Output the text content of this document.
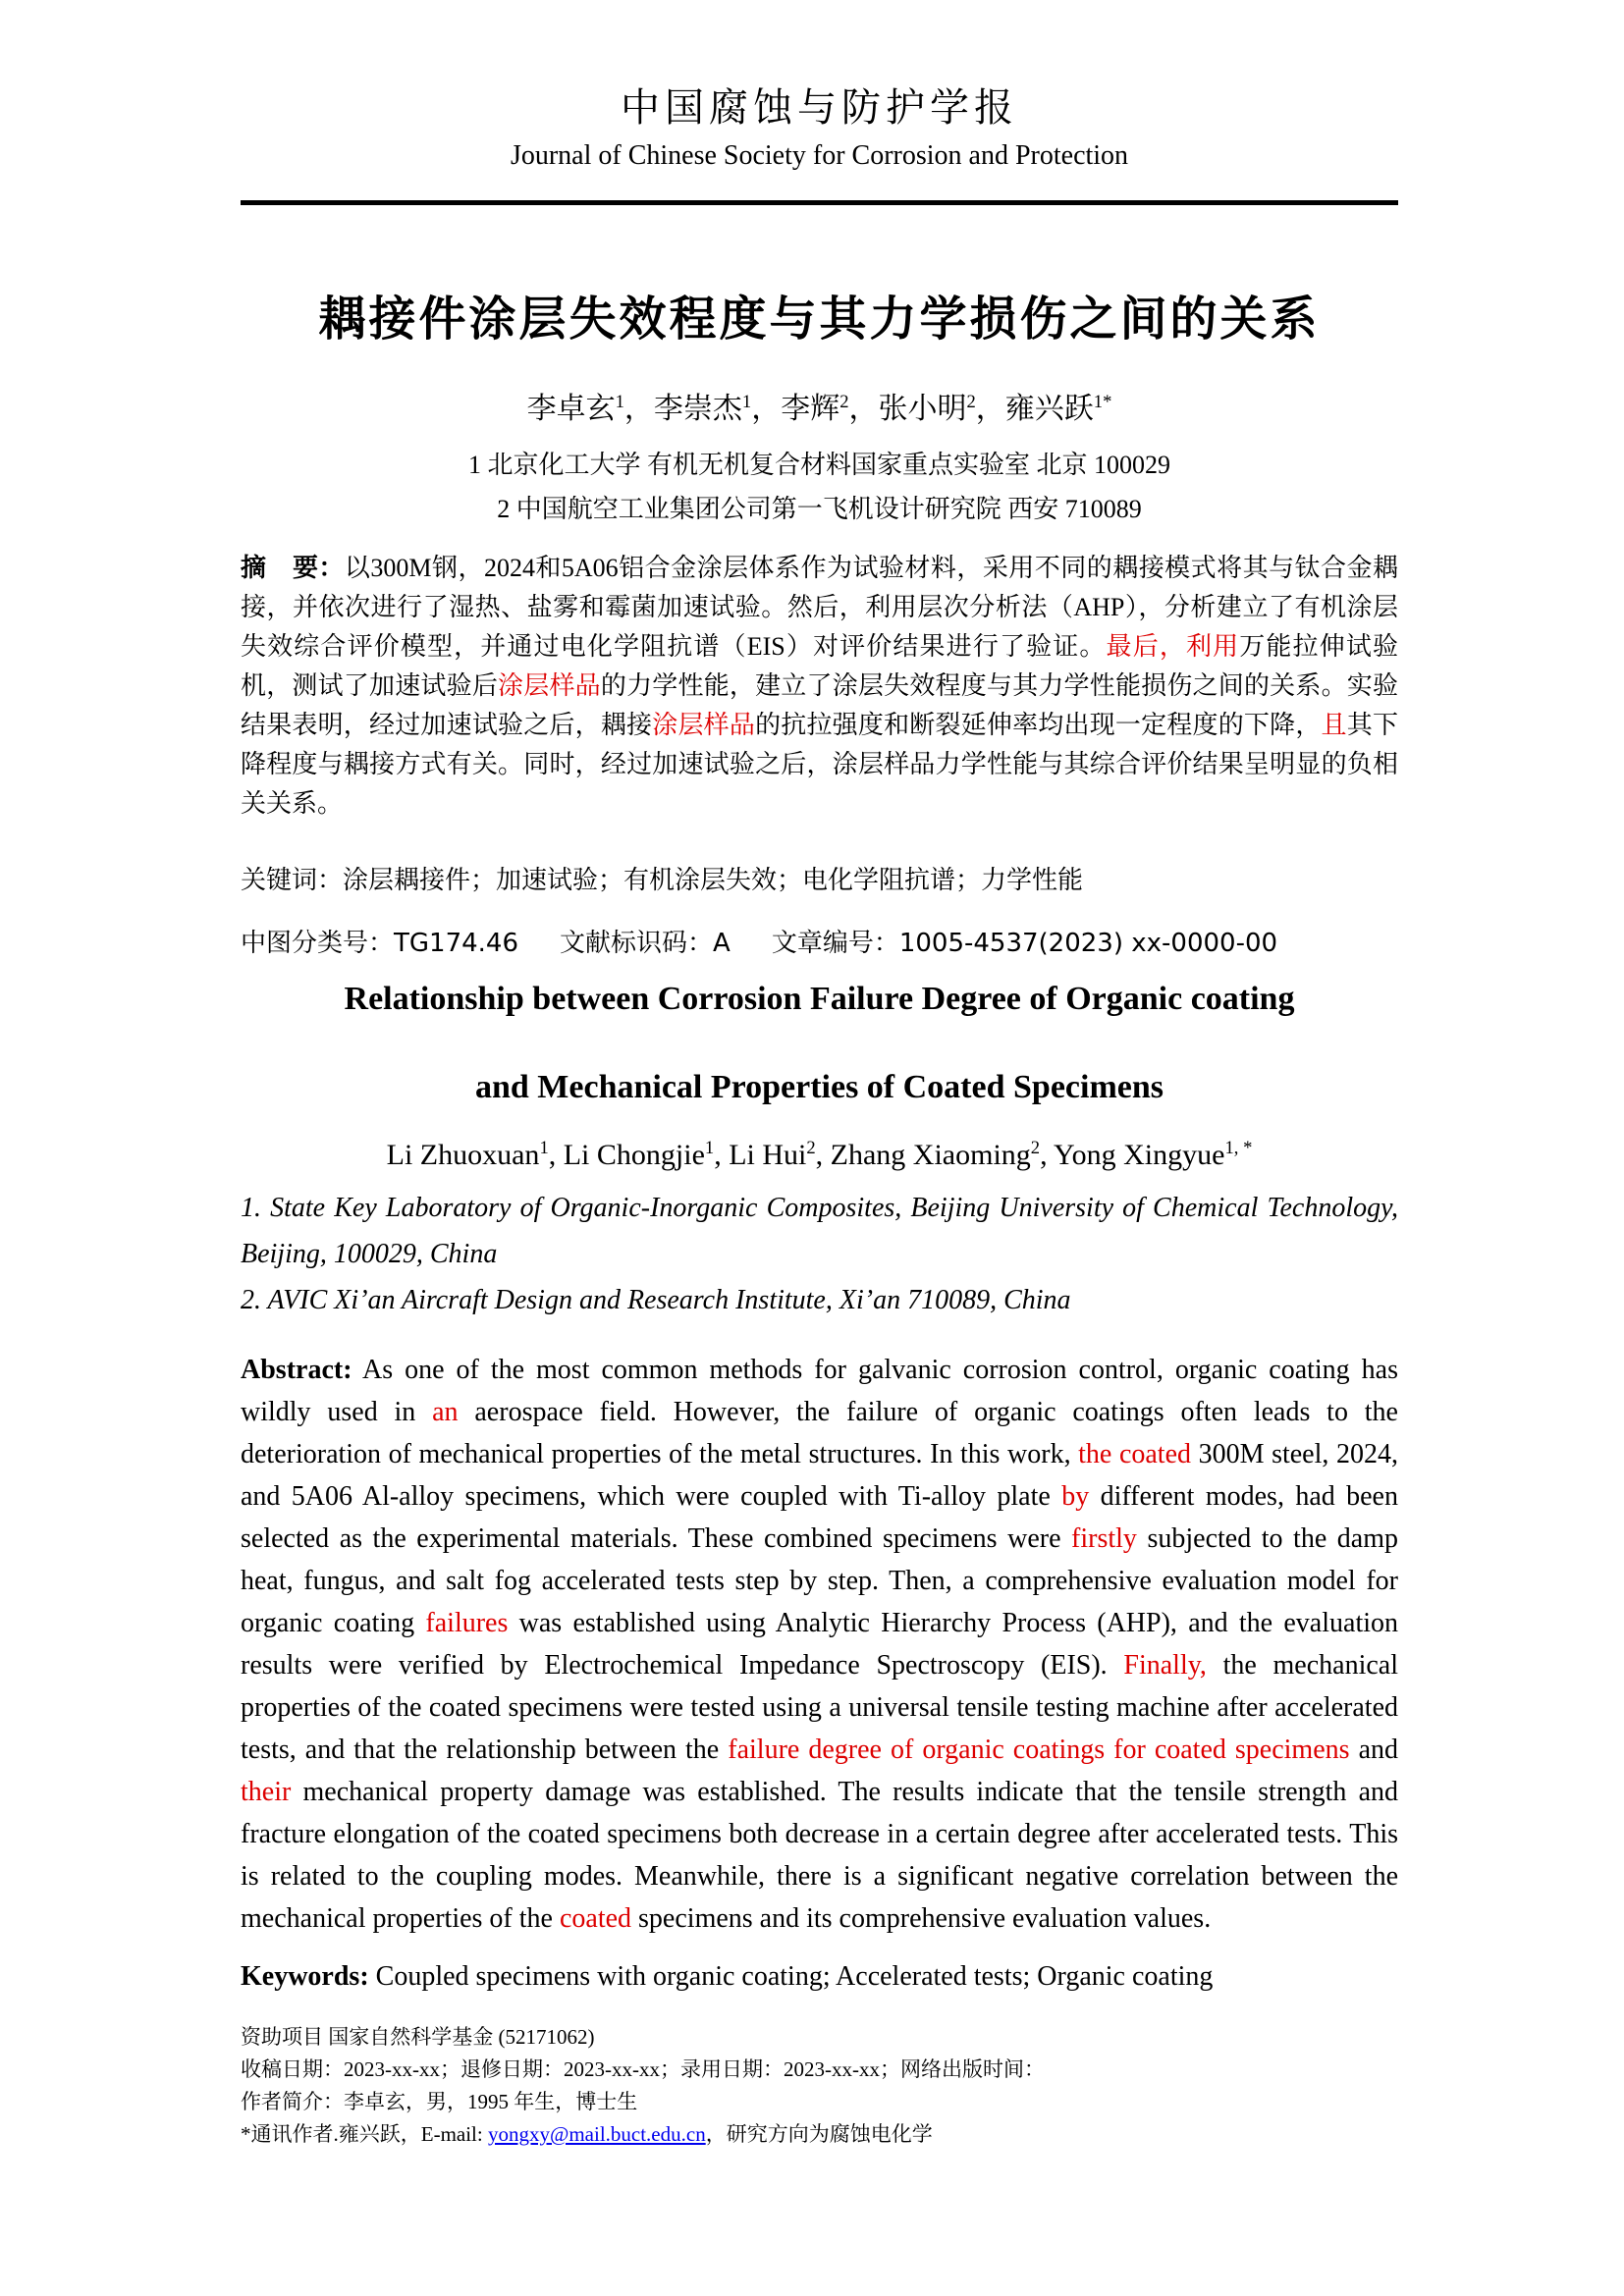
中国腐蚀与防护学报
Journal of Chinese Society for Corrosion and Protection
耦接件涂层失效程度与其力学损伤之间的关系
李卓玄$^1$，李崇杰$^1$，李辉$^2$，张小明$^2$，雍兴跃$^{1*}$
1 北京化工大学 有机无机复合材料国家重点实验室 北京 100029
2 中国航空工业集团公司第一飞机设计研究院 西安 710089

摘　要：以300M钢，2024和5A06铝合金涂层体系作为试验材料，采用不同的耦接模式将其与钛合金耦接，并依次进行了湿热、盐雾和霉菌加速试验。然后，利用层次分析法（AHP），分析建立了有机涂层失效综合评价模型，并通过电化学阻抗谱（EIS）对评价结果进行了验证。最后，利用万能拉伸试验机，测试了加速试验后涂层样品的力学性能，建立了涂层失效程度与其力学性能损伤之间的关系。实验结果表明，经过加速试验之后，耦接涂层样品的抗拉强度和断裂延伸率均出现一定程度的下降，且其下降程度与耦接方式有关。同时，经过加速试验之后，涂层样品力学性能与其综合评价结果呈明显的负相关关系。

关键词：涂层耦接件；加速试验；有机涂层失效；电化学阻抗谱；力学性能

中图分类号：TG174.46 文献标识码：A 文章编号：1005-4537(2023) xx-0000-00

Relationship between Corrosion Failure Degree of Organic coating
and Mechanical Properties of Coated Specimens
Li Zhuoxuan$^1$, Li Chongjie$^1$, Li Hui$^2$, Zhang Xiaoming$^2$, Yong Xingyue$^{1, *}$

1. State Key Laboratory of Organic-Inorganic Composites, Beijing University of Chemical Technology, Beijing, 100029, China

2. AVIC Xi’an Aircraft Design and Research Institute, Xi’an 710089, China

Abstract: As one of the most common methods for galvanic corrosion control, organic coating has wildly used in an aerospace field. However, the failure of organic coatings often leads to the deterioration of mechanical properties of the metal structures. In this work, the coated 300M steel, 2024, and 5A06 Al-alloy specimens, which were coupled with Ti-alloy plate by different modes, had been selected as the experimental materials. These combined specimens were firstly subjected to the damp heat, fungus, and salt fog accelerated tests step by step. Then, a comprehensive evaluation model for organic coating failures was established using Analytic Hierarchy Process (AHP), and the evaluation results were verified by Electrochemical Impedance Spectroscopy (EIS). Finally, the mechanical properties of the coated specimens were tested using a universal tensile testing machine after accelerated tests, and that the relationship between the failure degree of organic coatings for coated specimens and their mechanical property damage was established. The results indicate that the tensile strength and fracture elongation of the coated specimens both decrease in a certain degree after accelerated tests. This is related to the coupling modes. Meanwhile, there is a significant negative correlation between the mechanical properties of the coated specimens and its comprehensive evaluation values.

Keywords: Coupled specimens with organic coating; Accelerated tests; Organic coating

资助项目 国家自然科学基金 (52171062)

收稿日期：2023-xx-xx；退修日期：2023-xx-xx；录用日期：2023-xx-xx；网络出版时间：

作者简介：李卓玄，男，1995 年生，博士生

*通讯作者.雍兴跃，E-mail: yongxy@mail.buct.edu.cn，研究方向为腐蚀电化学
